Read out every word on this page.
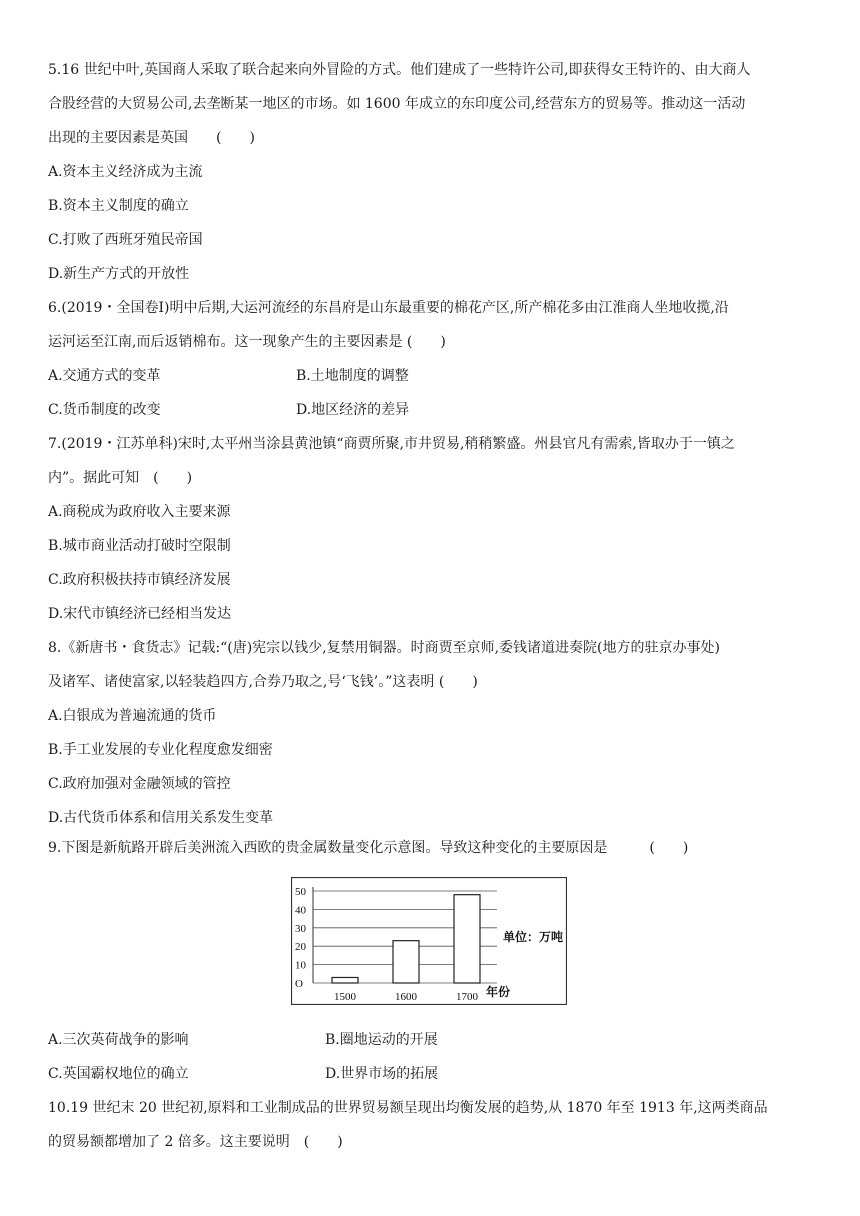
5.16 世纪中叶,英国商人采取了联合起来向外冒险的方式。他们建成了一些特许公司,即获得女王特许的、由大商人
合股经营的大贸易公司,去垄断某一地区的市场。如 1600 年成立的东印度公司,经营东方的贸易等。推动这一活动
出现的主要因素是英国　　(　　)
A.资本主义经济成为主流
B.资本主义制度的确立
C.打败了西班牙殖民帝国
D.新生产方式的开放性
6.(2019・全国卷Ⅰ)明中后期,大运河流经的东昌府是山东最重要的棉花产区,所产棉花多由江淮商人坐地收揽,沿
运河运至江南,而后返销棉布。这一现象产生的主要因素是 (　　)
A.交通方式的变革	B.土地制度的调整
C.货币制度的改变	D.地区经济的差异
7.(2019・江苏单科)宋时,太平州当涂县黄池镇“商贾所聚,市井贸易,稍稍繁盛。州县官凡有需索,皆取办于一镇之
内”。据此可知　(　　)
A.商税成为政府收入主要来源
B.城市商业活动打破时空限制
C.政府积极扶持市镇经济发展
D.宋代市镇经济已经相当发达
8.《新唐书・食货志》记载:“(唐)宪宗以钱少,复禁用铜器。时商贾至京师,委钱诸道进奏院(地方的驻京办事处)
及诸军、诸使富家,以轻装趋四方,合券乃取之,号‘飞钱’。”这表明 (　　)
A.白银成为普遍流通的货币
B.手工业发展的专业化程度愈发细密
C.政府加强对金融领域的管控
D.古代货币体系和信用关系发生变革
9.下图是新航路开辟后美洲流入西欧的贵金属数量变化示意图。导致这种变化的主要原因是　　　(　　)
50
40
30
20
10
O
1500	1600	1700
单位：万吨
年份
A.三次英荷战争的影响	B.圈地运动的开展
C.英国霸权地位的确立	D.世界市场的拓展
10.19 世纪末 20 世纪初,原料和工业制成品的世界贸易额呈现出均衡发展的趋势,从 1870 年至 1913 年,这两类商品
的贸易额都增加了 2 倍多。这主要说明　(　　)
